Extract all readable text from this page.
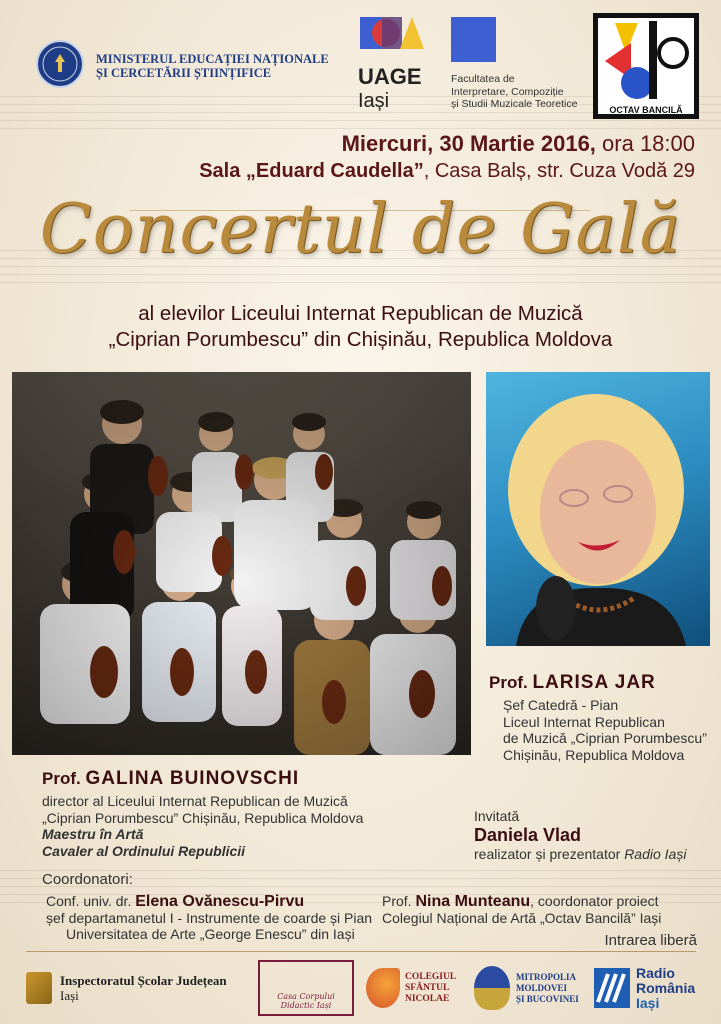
MINISTERUL EDUCAȚIEI NAȚIONALE
ȘI CERCETĂRII ȘTIINȚIFICE	UAGE
Iași
Facultatea de
Interpretare, Compoziție
și Studii Muzicale Teoretice	OCTAV BANCILĂ
Miercuri, 30 Martie 2016, ora 18:00
Sala „Eduard Caudella”, Casa Balș, str. Cuza Vodă 29
Concertul de Gală
al elevilor Liceului Internat Republican de Muzică
„Ciprian Porumbescu” din Chișinău, Republica Moldova
Prof. LARISA JAR
Șef Catedră - Pian
Liceul Internat Republican
de Muzică „Ciprian Porumbescu”
Chișinău, Republica Moldova
Prof. GALINA BUINOVSCHI
director al Liceului Internat Republican de Muzică
„Ciprian Porumbescu” Chișinău, Republica Moldova
Maestru în Artă
Cavaler al Ordinului Republicii
Invitată
Daniela Vlad
realizator și prezentator Radio Iași
Coordonatori:
Conf. univ. dr. Elena Ovănescu-Pirvu
șef departamanetul I - Instrumente de coarde și Pian
Universitatea de Arte „George Enescu” din Iași
Prof. Nina Munteanu, coordonator proiect
Colegiul Național de Artă „Octav Bancilă” Iași
Intrarea liberă
Inspectoratul Școlar Județean
Iași	Casa Corpului Didactic Iași
COLEGIUL
SFÂNTUL
NICOLAE
MITROPOLIA
MOLDOVEI
ȘI BUCOVINEI
Radio
România
Iași
